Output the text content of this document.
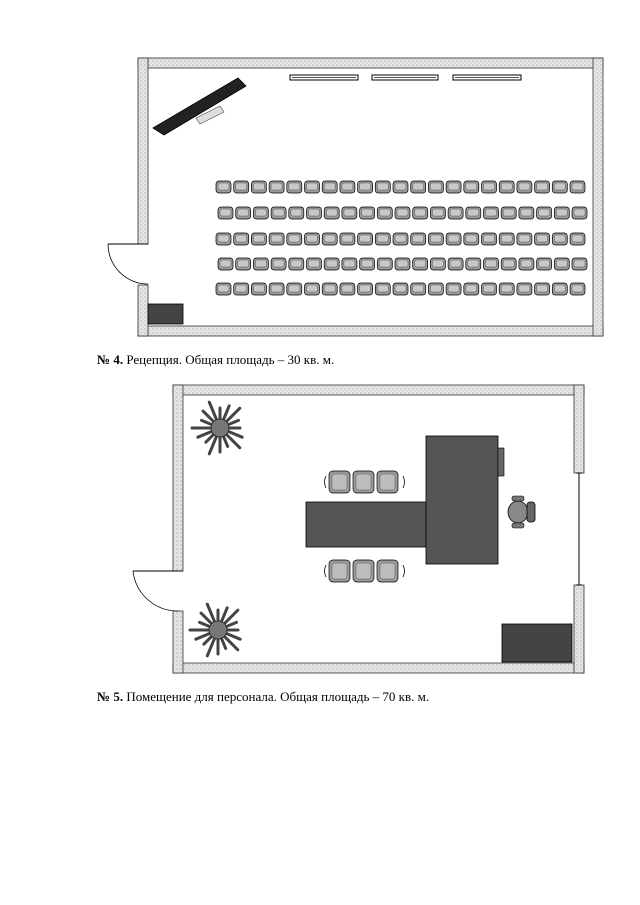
№ 4. Рецепция. Общая площадь – 30 кв. м.
№ 5. Помещение для персонала. Общая площадь – 70 кв. м.
